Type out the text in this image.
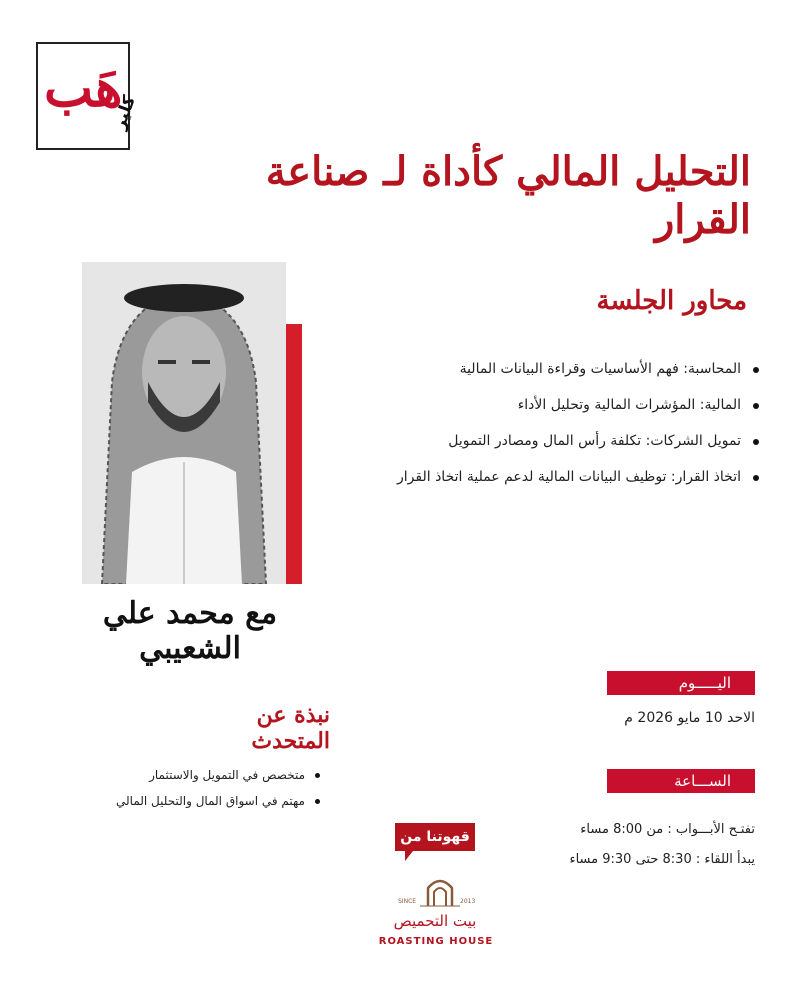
هَب
كلير
التحليل المالي كأداة لـ صناعة القرار
مع محمد علي الشعيبي
محاور الجلسة
المحاسبة: فهم الأساسيات وقراءة البيانات المالية
المالية: المؤشرات المالية وتحليل الأداء
تمويل الشركات: تكلفة رأس المال ومصادر التمويل
اتخاذ القرار: توظيف البيانات المالية لدعم عملية اتخاذ القرار
اليـــــوم
الاحد 10 مايو 2026 م
الســـاعة
تفتـح الأبـــواب : من 8:00 مساء
يبدأ اللقاء : 8:30 حتى 9:30 مساء
نبذة عن المتحدث
متخصص في التمويل والاستثمار
مهتم في اسواق المال والتحليل المالي
قهوتنا من
SINCE	2013
بيت التحميص
ROASTING HOUSE
